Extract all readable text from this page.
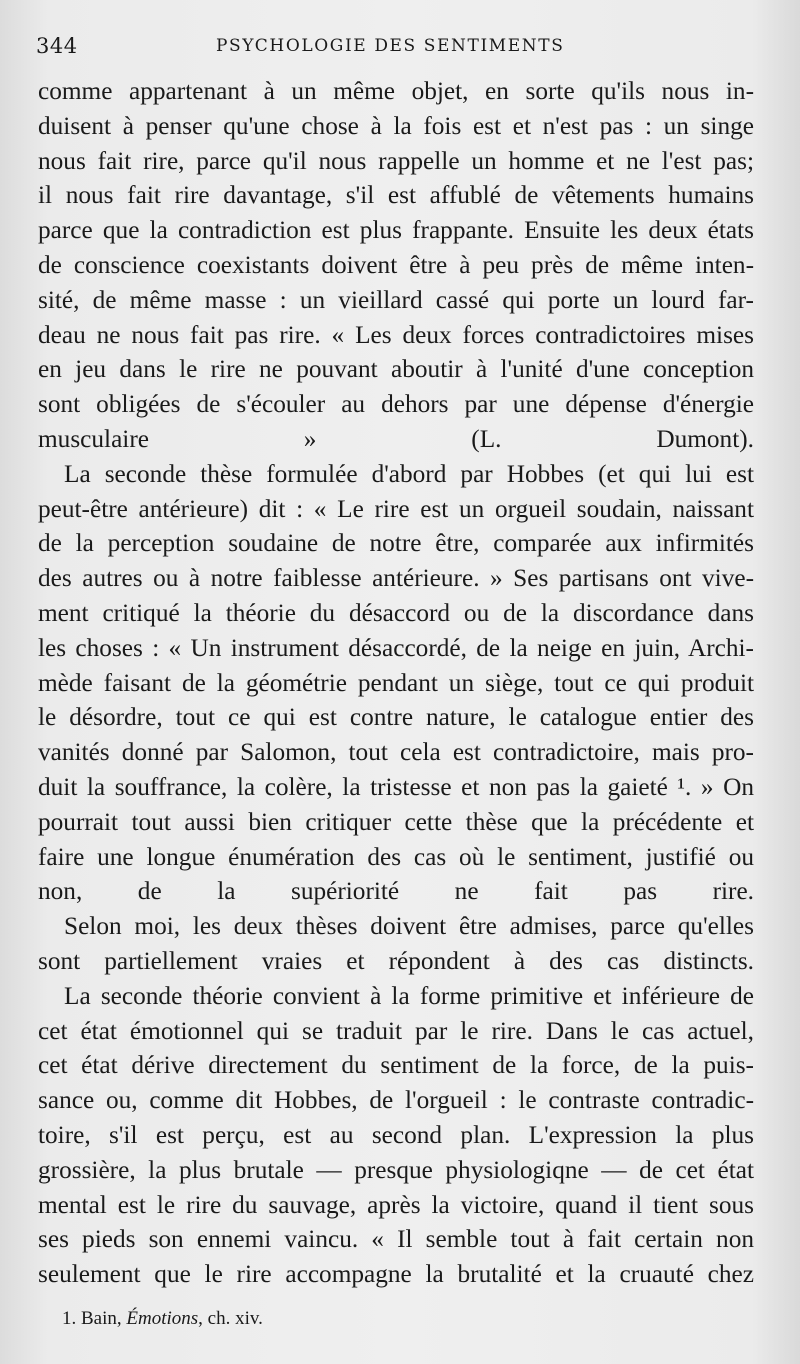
344	PSYCHOLOGIE DES SENTIMENTS
comme appartenant à un même objet, en sorte qu'ils nous in-
duisent à penser qu'une chose à la fois est et n'est pas : un singe
nous fait rire, parce qu'il nous rappelle un homme et ne l'est pas;
il nous fait rire davantage, s'il est affublé de vêtements humains
parce que la contradiction est plus frappante. Ensuite les deux états
de conscience coexistants doivent être à peu près de même inten-
sité, de même masse : un vieillard cassé qui porte un lourd far-
deau ne nous fait pas rire. « Les deux forces contradictoires mises
en jeu dans le rire ne pouvant aboutir à l'unité d'une conception
sont obligées de s'écouler au dehors par une dépense d'énergie
musculaire » (L. Dumont).
La seconde thèse formulée d'abord par Hobbes (et qui lui est
peut-être antérieure) dit : « Le rire est un orgueil soudain, naissant
de la perception soudaine de notre être, comparée aux infirmités
des autres ou à notre faiblesse antérieure. » Ses partisans ont vive-
ment critiqué la théorie du désaccord ou de la discordance dans
les choses : « Un instrument désaccordé, de la neige en juin, Archi-
mède faisant de la géométrie pendant un siège, tout ce qui produit
le désordre, tout ce qui est contre nature, le catalogue entier des
vanités donné par Salomon, tout cela est contradictoire, mais pro-
duit la souffrance, la colère, la tristesse et non pas la gaieté ¹. » On
pourrait tout aussi bien critiquer cette thèse que la précédente et
faire une longue énumération des cas où le sentiment, justifié ou
non, de la supériorité ne fait pas rire.
Selon moi, les deux thèses doivent être admises, parce qu'elles
sont partiellement vraies et répondent à des cas distincts.
La seconde théorie convient à la forme primitive et inférieure de
cet état émotionnel qui se traduit par le rire. Dans le cas actuel,
cet état dérive directement du sentiment de la force, de la puis-
sance ou, comme dit Hobbes, de l'orgueil : le contraste contradic-
toire, s'il est perçu, est au second plan. L'expression la plus
grossière, la plus brutale — presque physiologiqne — de cet état
mental est le rire du sauvage, après la victoire, quand il tient sous
ses pieds son ennemi vaincu. « Il semble tout à fait certain non
seulement que le rire accompagne la brutalité et la cruauté chez
1. Bain, Émotions, ch. xiv.
